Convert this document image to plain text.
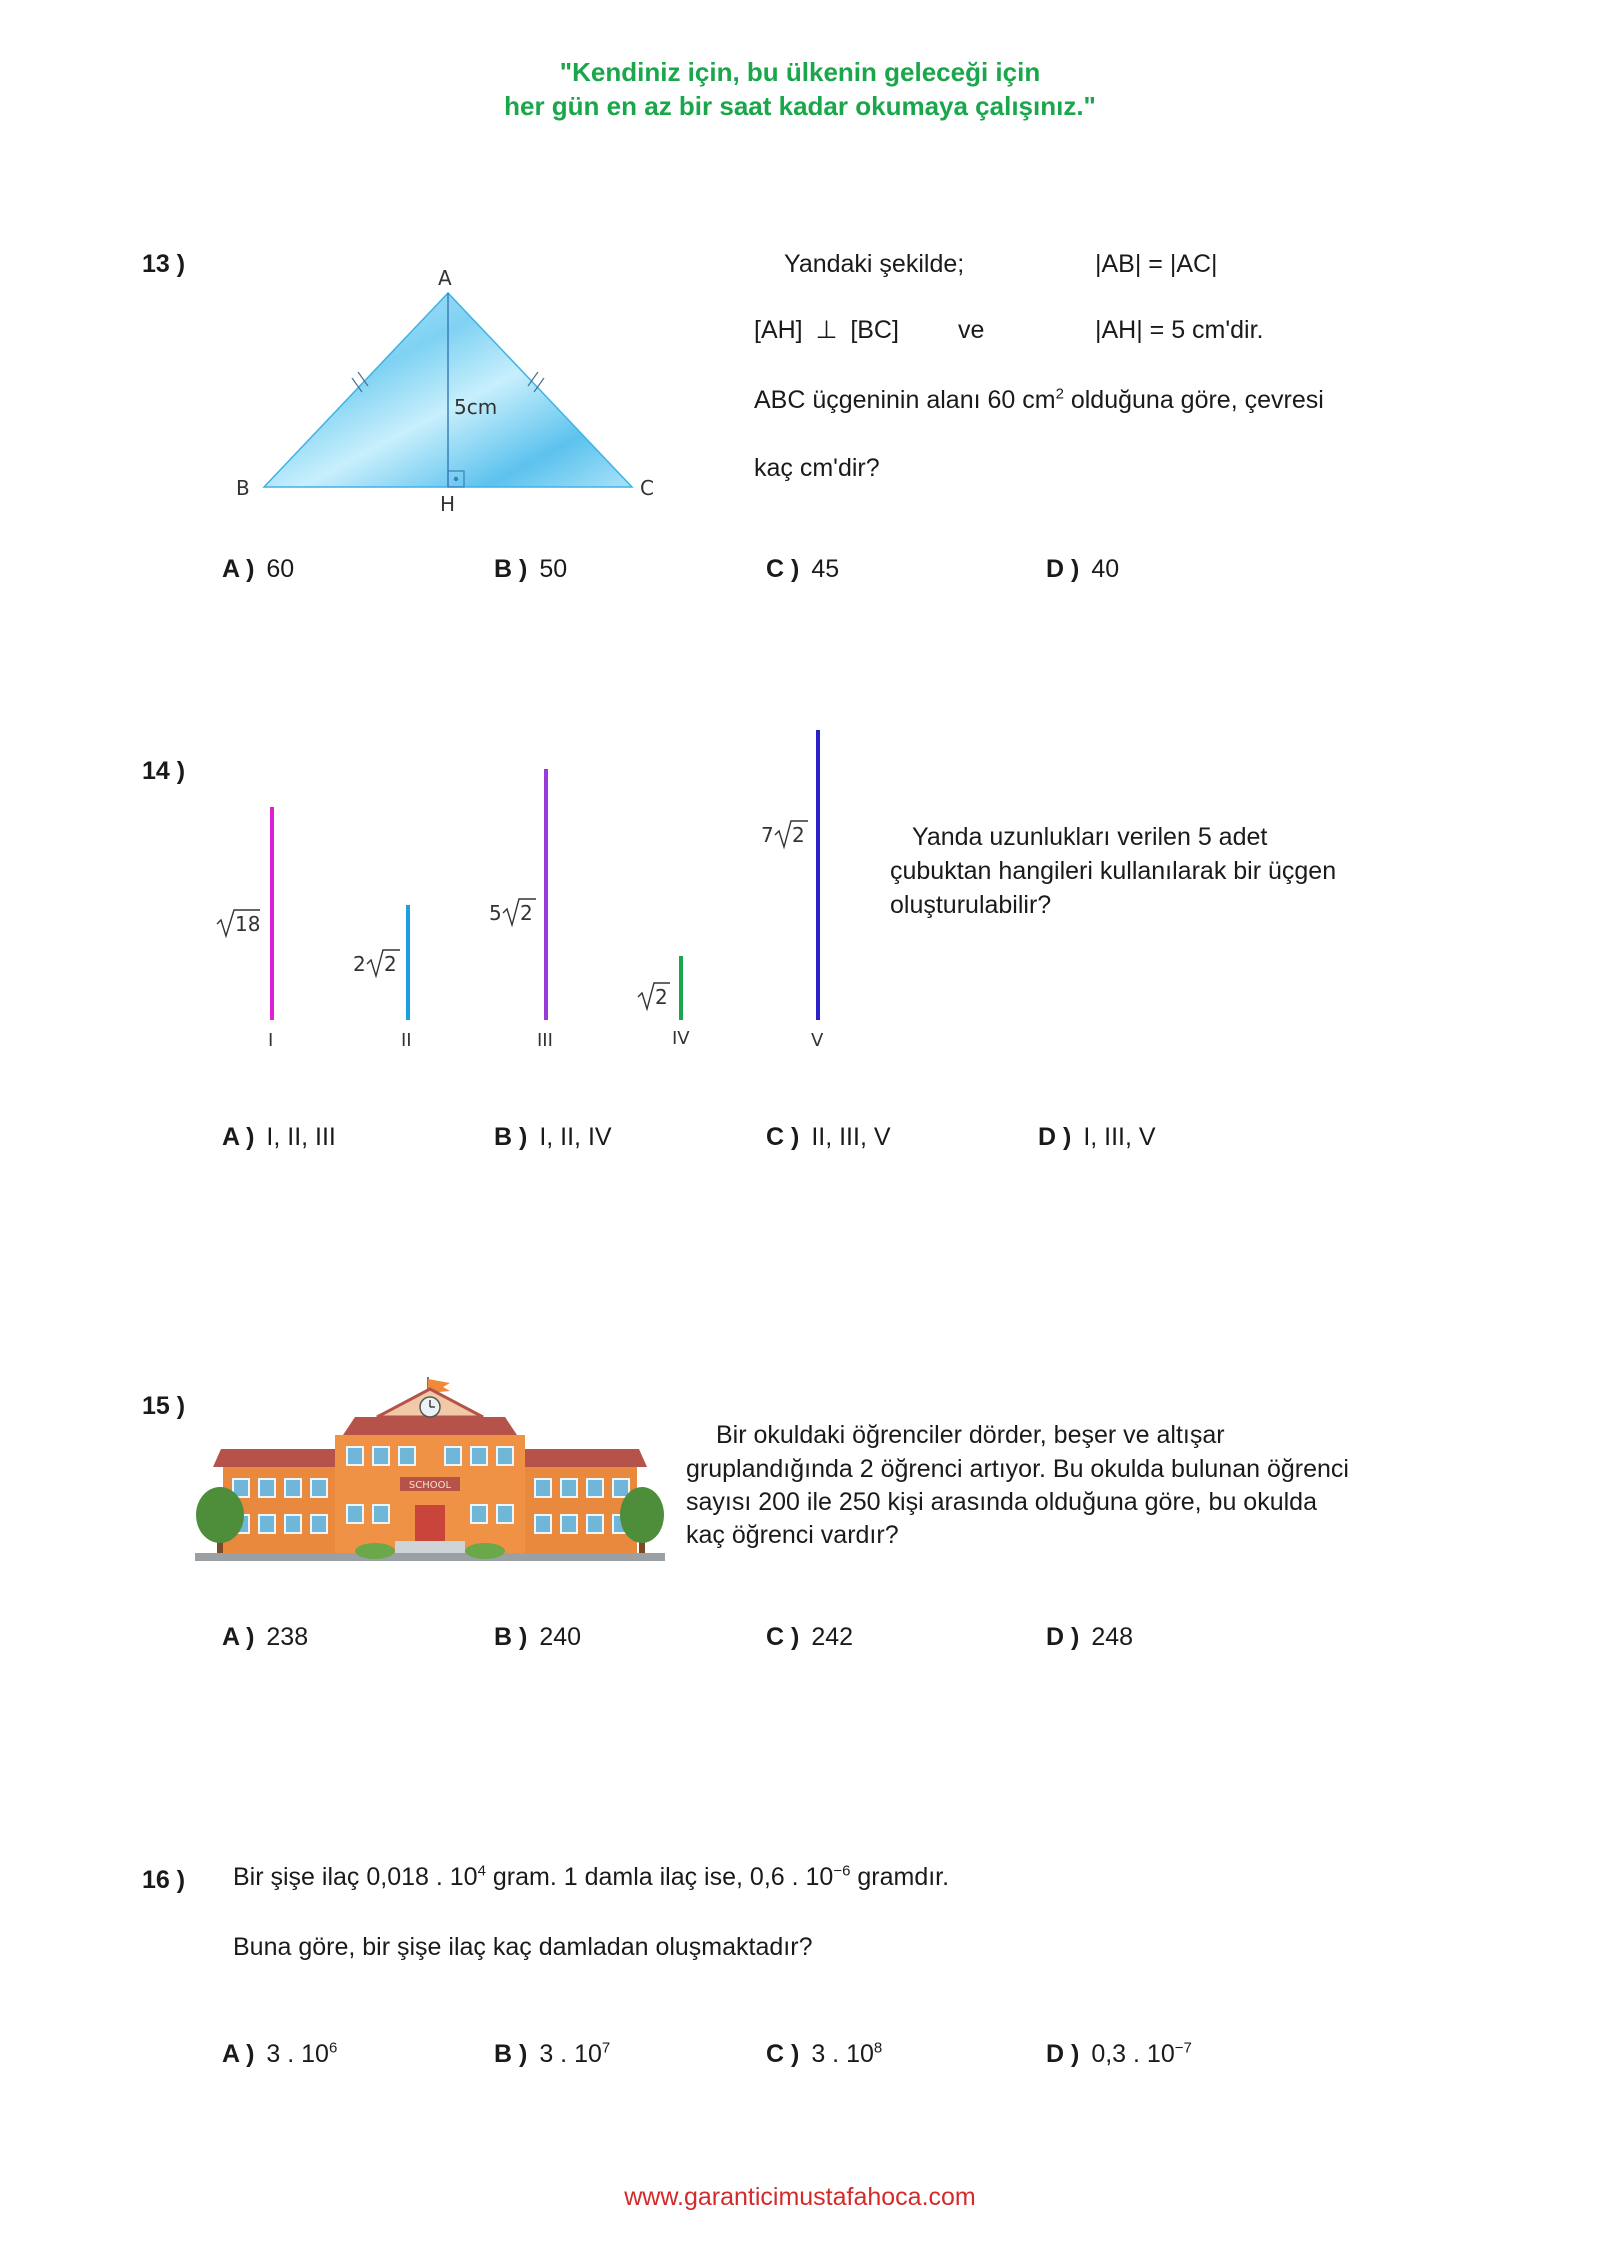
"Kendiniz için, bu ülkenin geleceği için
her gün en az bir saat kadar okumaya çalışınız."
13 )	A
B	C
H
5cm
Yandaki şekilde;	|AB| = |AC|
[AH] ⊥ [BC] ve	|AH| = 5 cm'dir.
ABC üçgeninin alanı 60 $cm^2$ olduğuna göre, çevresi
kaç cm'dir?
A ) 60	B ) 50	C ) 45	D ) 40
14 )
18
I
2 2
II
5 2
III
2
IV
7 2
V
Yanda uzunlukları verilen 5 adet
çubuktan hangileri kullanılarak bir üçgen
oluşturulabilir?
A ) I, II, III	B ) I, II, IV	C ) II, III, V	D ) I, III, V
15 )
SCHOOL
Bir okuldaki öğrenciler dörder, beşer ve altışar
gruplandığında 2 öğrenci artıyor. Bu okulda bulunan öğrenci
sayısı 200 ile 250 kişi arasında olduğuna göre, bu okulda
kaç öğrenci vardır?
A ) 238	B ) 240	C ) 242	D ) 248
16 ) Bir şişe ilaç 0,018 . $10^4$ gram. 1 damla ilaç ise, 0,6 . $10^{-6}$ gramdır.
Buna göre, bir şişe ilaç kaç damladan oluşmaktadır?
A ) 3 . $10^6$	B ) 3 . $10^7$	C ) 3 . $10^8$	D ) 0,3 . $10^{-7}$
www.garanticimustafahoca.com
